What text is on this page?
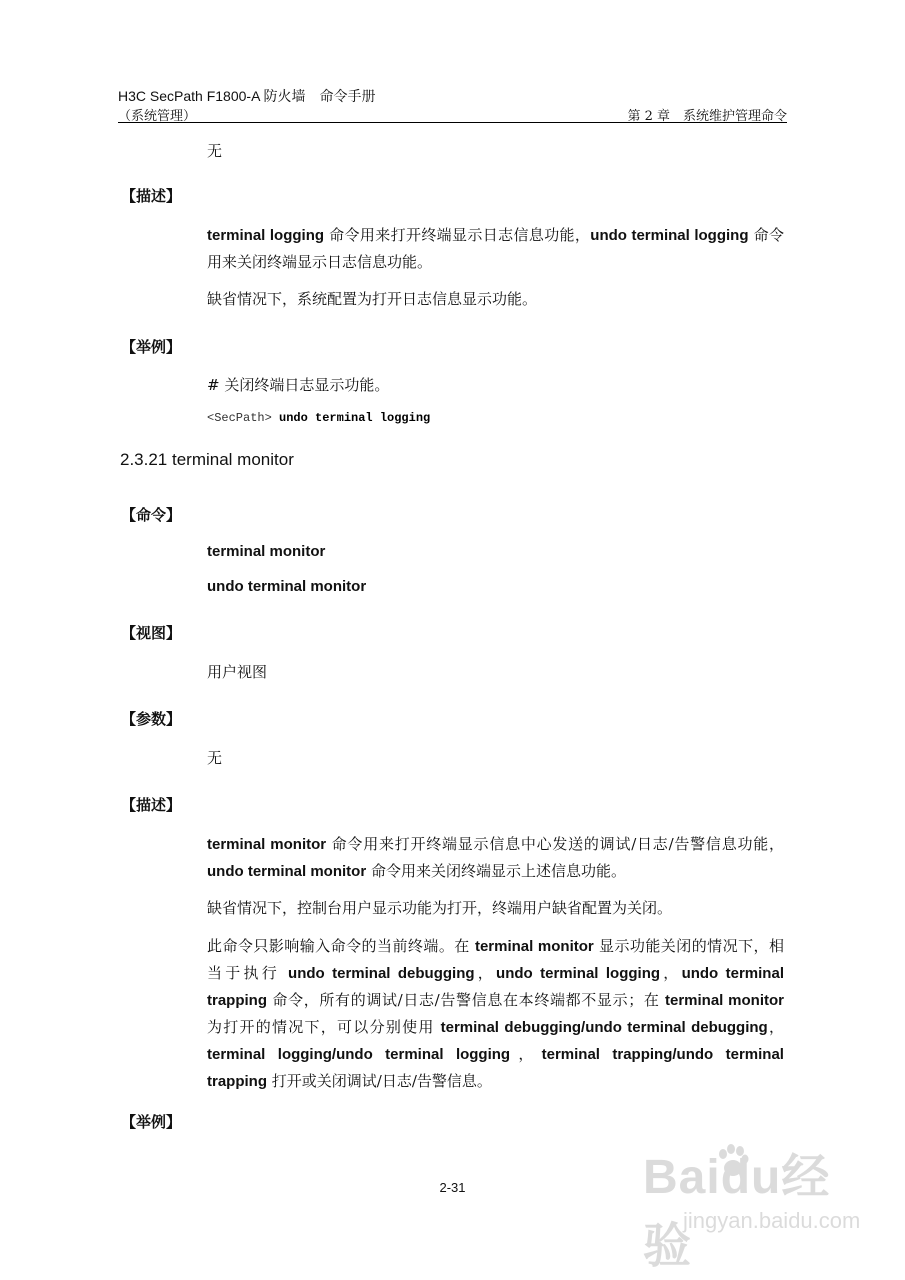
H3C SecPath F1800-A 防火墙　命令手册
（系统管理）	第 2 章　系统维护管理命令
无
【描述】
terminal logging 命令用来打开终端显示日志信息功能，undo terminal logging 命令用来关闭终端显示日志信息功能。
缺省情况下，系统配置为打开日志信息显示功能。
【举例】
# 关闭终端日志显示功能。
<SecPath> undo terminal logging
2.3.21 terminal monitor
【命令】
terminal monitor
undo terminal monitor
【视图】
用户视图
【参数】
无
【描述】
terminal monitor 命令用来打开终端显示信息中心发送的调试/日志/告警信息功能，undo terminal monitor 命令用来关闭终端显示上述信息功能。
缺省情况下，控制台用户显示功能为打开，终端用户缺省配置为关闭。
此命令只影响输入命令的当前终端。在 terminal monitor 显示功能关闭的情况下，相当于执行 undo terminal debugging，undo terminal logging，undo terminal trapping 命令，所有的调试/日志/告警信息在本终端都不显示；在 terminal monitor 为打开的情况下，可以分别使用 terminal debugging/undo terminal debugging，terminal logging/undo terminal logging，terminal trapping/undo terminal trapping 打开或关闭调试/日志/告警信息。
【举例】
2-31	Baidu经验
jingyan.baidu.com
